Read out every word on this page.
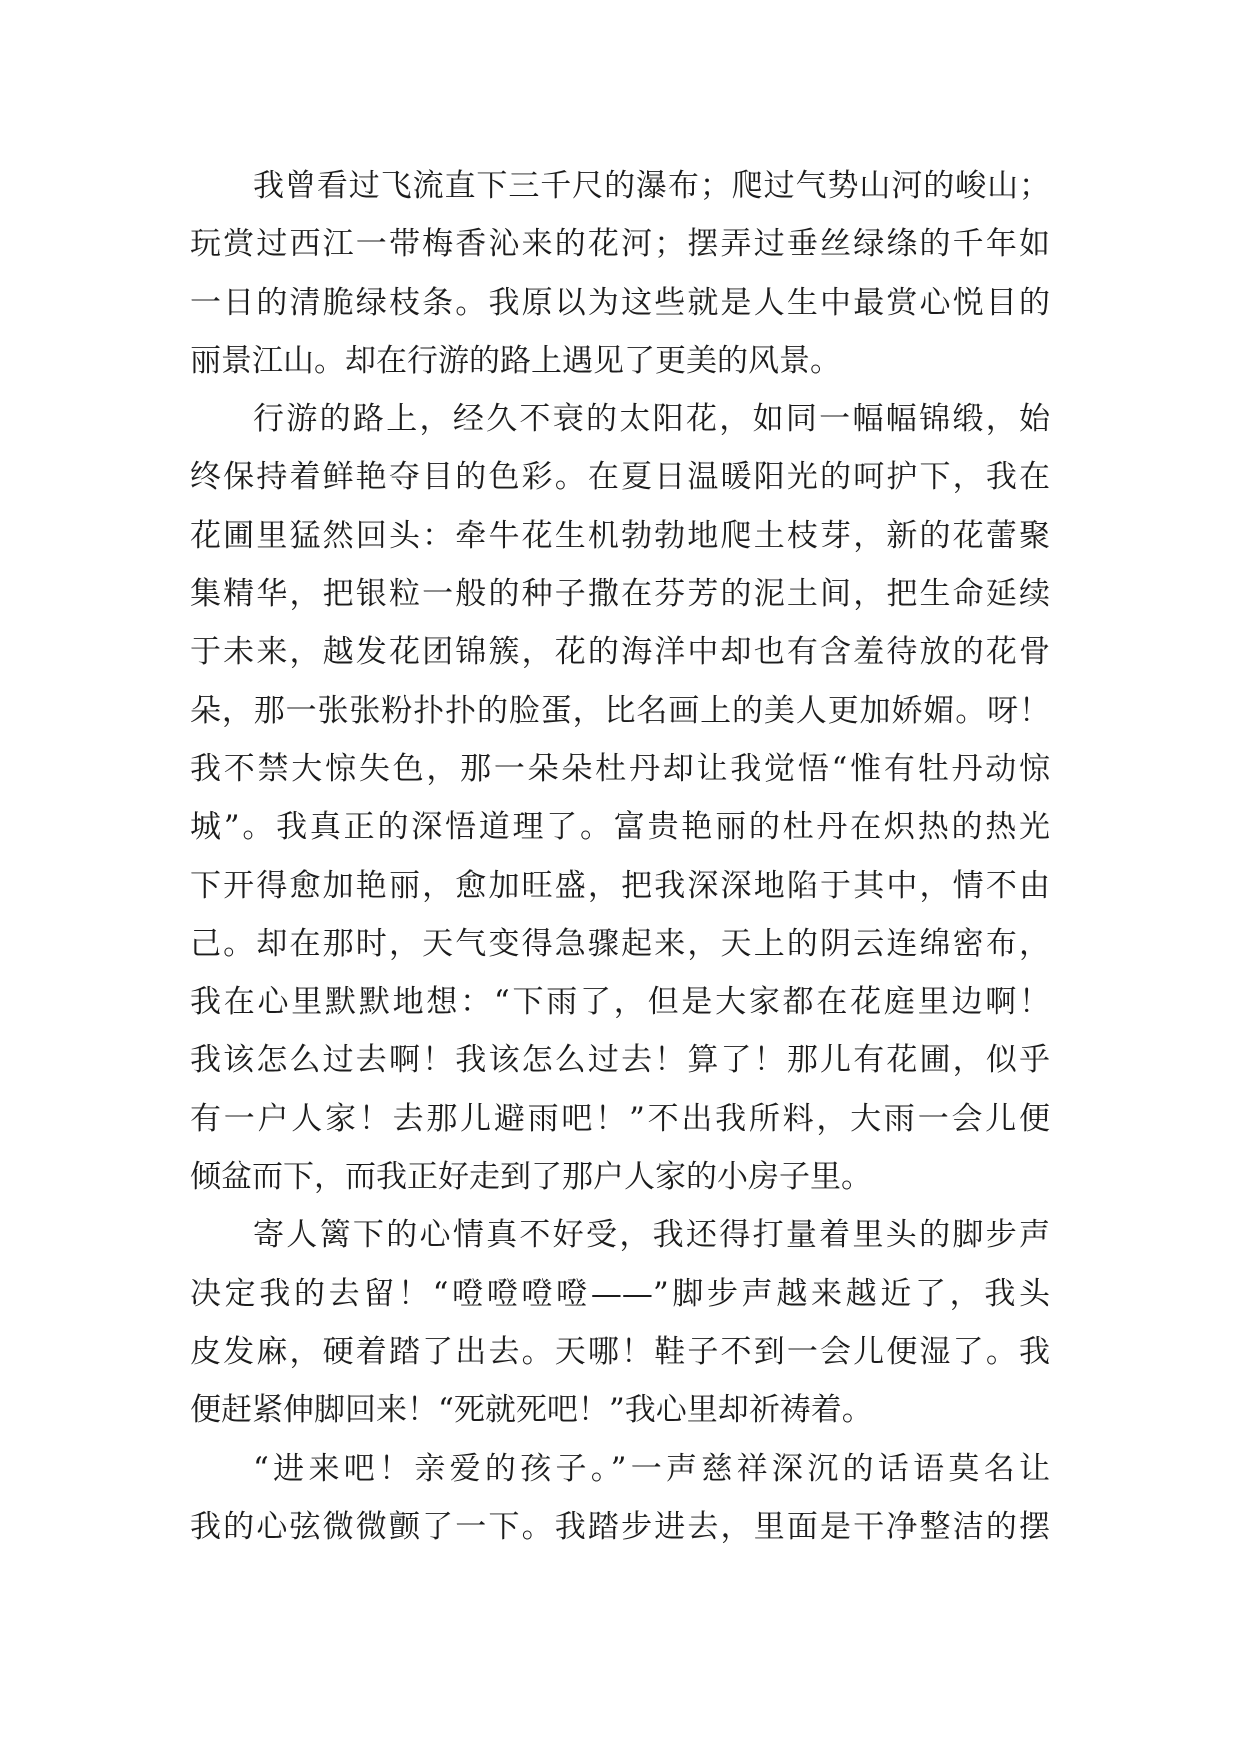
我曾看过飞流直下三千尺的瀑布；爬过气势山河的峻山；
玩赏过西江一带梅香沁来的花河；摆弄过垂丝绿绦的千年如
一日的清脆绿枝条。我原以为这些就是人生中最赏心悦目的
丽景江山。却在行游的路上遇见了更美的风景。
行游的路上，经久不衰的太阳花，如同一幅幅锦缎，始
终保持着鲜艳夺目的色彩。在夏日温暖阳光的呵护下，我在
花圃里猛然回头：牵牛花生机勃勃地爬土枝芽，新的花蕾聚
集精华，把银粒一般的种子撒在芬芳的泥土间，把生命延续
于未来，越发花团锦簇，花的海洋中却也有含羞待放的花骨
朵，那一张张粉扑扑的脸蛋，比名画上的美人更加娇媚。呀！
我不禁大惊失色，那一朵朵杜丹却让我觉悟“惟有牡丹动惊
城”。我真正的深悟道理了。富贵艳丽的杜丹在炽热的热光
下开得愈加艳丽，愈加旺盛，把我深深地陷于其中，情不由
己。却在那时，天气变得急骤起来，天上的阴云连绵密布，
我在心里默默地想：“下雨了，但是大家都在花庭里边啊！
我该怎么过去啊！我该怎么过去！算了！那儿有花圃，似乎
有一户人家！去那儿避雨吧！”不出我所料，大雨一会儿便
倾盆而下，而我正好走到了那户人家的小房子里。
寄人篱下的心情真不好受，我还得打量着里头的脚步声
决定我的去留！“噔噔噔噔——”脚步声越来越近了，我头
皮发麻，硬着踏了出去。天哪！鞋子不到一会儿便湿了。我
便赶紧伸脚回来！“死就死吧！”我心里却祈祷着。
“进来吧！亲爱的孩子。”一声慈祥深沉的话语莫名让
我的心弦微微颤了一下。我踏步进去，里面是干净整洁的摆
